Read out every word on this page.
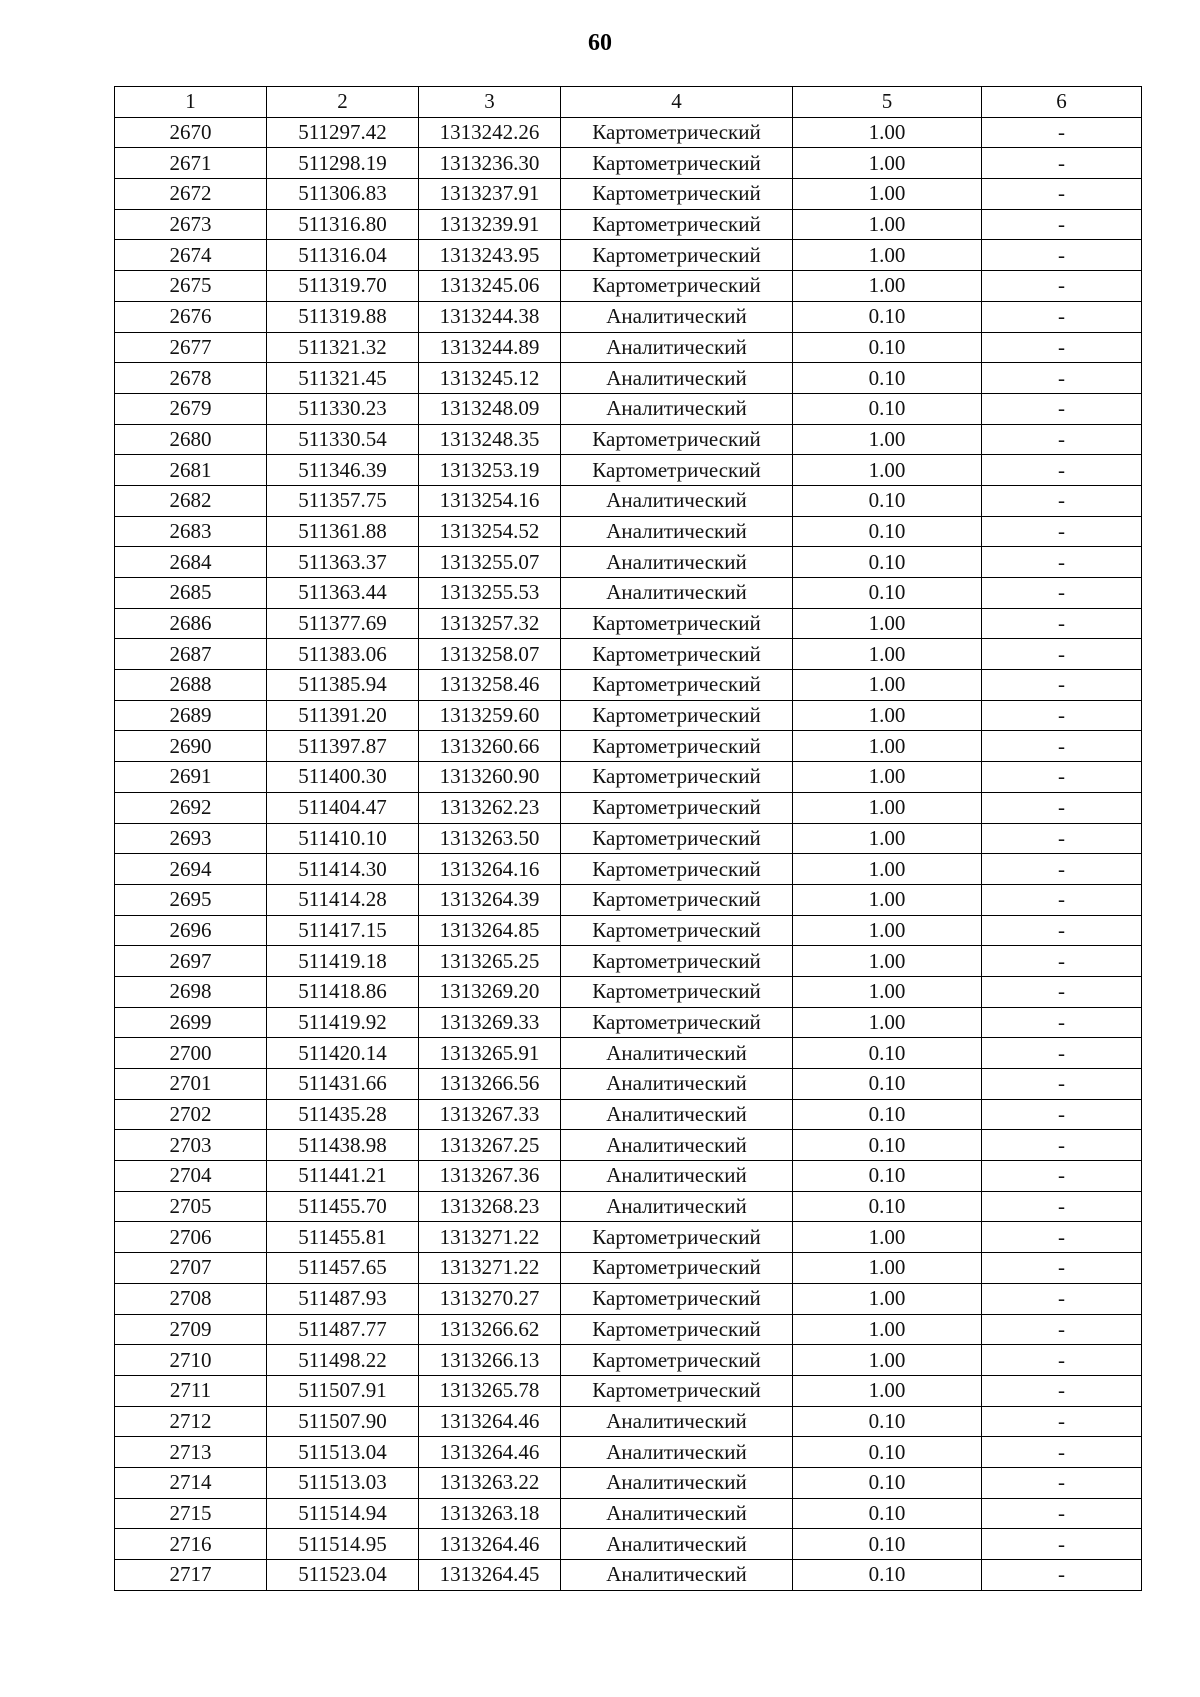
60
1	2	3	4	5	6
2670	511297.42	1313242.26	Картометрический	1.00	-
2671	511298.19	1313236.30	Картометрический	1.00	-
2672	511306.83	1313237.91	Картометрический	1.00	-
2673	511316.80	1313239.91	Картометрический	1.00	-
2674	511316.04	1313243.95	Картометрический	1.00	-
2675	511319.70	1313245.06	Картометрический	1.00	-
2676	511319.88	1313244.38	Аналитический	0.10	-
2677	511321.32	1313244.89	Аналитический	0.10	-
2678	511321.45	1313245.12	Аналитический	0.10	-
2679	511330.23	1313248.09	Аналитический	0.10	-
2680	511330.54	1313248.35	Картометрический	1.00	-
2681	511346.39	1313253.19	Картометрический	1.00	-
2682	511357.75	1313254.16	Аналитический	0.10	-
2683	511361.88	1313254.52	Аналитический	0.10	-
2684	511363.37	1313255.07	Аналитический	0.10	-
2685	511363.44	1313255.53	Аналитический	0.10	-
2686	511377.69	1313257.32	Картометрический	1.00	-
2687	511383.06	1313258.07	Картометрический	1.00	-
2688	511385.94	1313258.46	Картометрический	1.00	-
2689	511391.20	1313259.60	Картометрический	1.00	-
2690	511397.87	1313260.66	Картометрический	1.00	-
2691	511400.30	1313260.90	Картометрический	1.00	-
2692	511404.47	1313262.23	Картометрический	1.00	-
2693	511410.10	1313263.50	Картометрический	1.00	-
2694	511414.30	1313264.16	Картометрический	1.00	-
2695	511414.28	1313264.39	Картометрический	1.00	-
2696	511417.15	1313264.85	Картометрический	1.00	-
2697	511419.18	1313265.25	Картометрический	1.00	-
2698	511418.86	1313269.20	Картометрический	1.00	-
2699	511419.92	1313269.33	Картометрический	1.00	-
2700	511420.14	1313265.91	Аналитический	0.10	-
2701	511431.66	1313266.56	Аналитический	0.10	-
2702	511435.28	1313267.33	Аналитический	0.10	-
2703	511438.98	1313267.25	Аналитический	0.10	-
2704	511441.21	1313267.36	Аналитический	0.10	-
2705	511455.70	1313268.23	Аналитический	0.10	-
2706	511455.81	1313271.22	Картометрический	1.00	-
2707	511457.65	1313271.22	Картометрический	1.00	-
2708	511487.93	1313270.27	Картометрический	1.00	-
2709	511487.77	1313266.62	Картометрический	1.00	-
2710	511498.22	1313266.13	Картометрический	1.00	-
2711	511507.91	1313265.78	Картометрический	1.00	-
2712	511507.90	1313264.46	Аналитический	0.10	-
2713	511513.04	1313264.46	Аналитический	0.10	-
2714	511513.03	1313263.22	Аналитический	0.10	-
2715	511514.94	1313263.18	Аналитический	0.10	-
2716	511514.95	1313264.46	Аналитический	0.10	-
2717	511523.04	1313264.45	Аналитический	0.10	-
